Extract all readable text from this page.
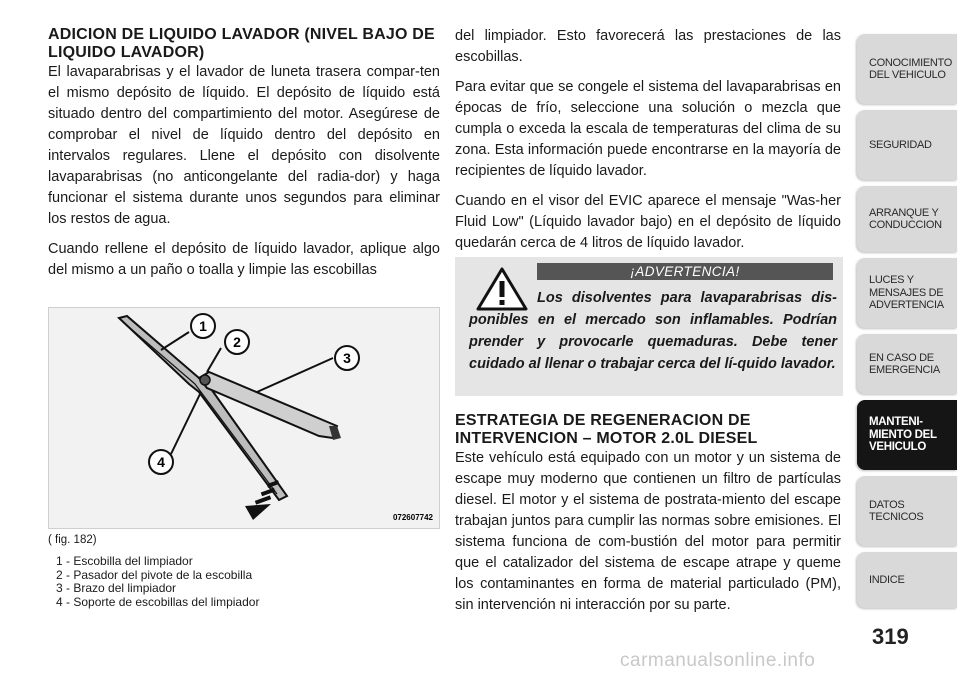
ADICION DE LIQUIDO LAVADOR (NIVEL BAJO DE LIQUIDO LAVADOR)

El lavaparabrisas y el lavador de luneta trasera compar-ten el mismo depósito de líquido. El depósito de líquido está situado dentro del compartimiento del motor. Asegúrese de comprobar el nivel de líquido dentro del depósito en intervalos regulares. Llene el depósito con disolvente lavaparabrisas (no anticongelante del radia-dor) y haga funcionar el sistema durante unos segundos para eliminar los restos de agua.

Cuando rellene el depósito de líquido lavador, aplique algo del mismo a un paño o toalla y limpie las escobillas

1
2
3
4
072607742
( fig. 182)
1 - Escobilla del limpiador
2 - Pasador del pivote de la escobilla
3 - Brazo del limpiador
4 - Soporte de escobillas del limpiador

del limpiador. Esto favorecerá las prestaciones de las escobillas.

Para evitar que se congele el sistema del lavaparabrisas en épocas de frío, seleccione una solución o mezcla que cumpla o exceda la escala de temperaturas del clima de su zona. Esta información puede encontrarse en la mayoría de recipientes de líquido lavador.

Cuando en el visor del EVIC aparece el mensaje "Was-her Fluid Low" (Líquido lavador bajo) en el depósito de líquido quedarán cerca de 4 litros de líquido lavador.

¡ADVERTENCIA!

Los disolventes para lavaparabrisas dis-ponibles en el mercado son inflamables. Podrían prender y provocarle quemaduras. Debe tener cuidado al llenar o trabajar cerca del lí-quido lavador.

ESTRATEGIA DE REGENERACION DE INTERVENCION – MOTOR 2.0L DIESEL

Este vehículo está equipado con un motor y un sistema de escape muy moderno que contienen un filtro de partículas diesel. El motor y el sistema de postrata-miento del escape trabajan juntos para cumplir las normas sobre emisiones. El sistema funciona de com-bustión del motor para permitir que el catalizador del sistema de escape atrape y queme los contaminantes en forma de material particulado (PM), sin intervención ni interacción por su parte.

CONOCIMIENTO DEL VEHICULO
SEGURIDAD
ARRANQUE Y CONDUCCION
LUCES Y MENSAJES DE ADVERTENCIA
EN CASO DE EMERGENCIA
MANTENI- MIENTO DEL VEHICULO
DATOS TECNICOS
INDICE
319
carmanualsonline.info
